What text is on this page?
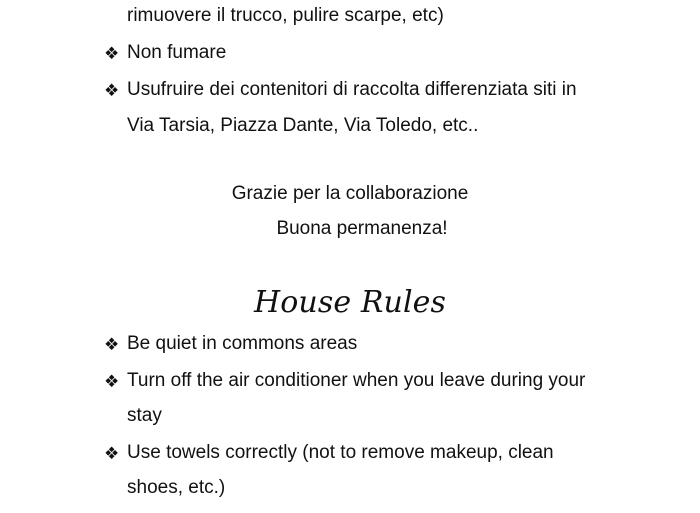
rimuovere il trucco, pulire scarpe, etc)
❖ Non fumare
❖ Usufruire dei contenitori di raccolta differenziata siti in
Via Tarsia, Piazza Dante, Via Toledo, etc..
Grazie per la collaborazione
Buona permanenza!
House Rules
❖ Be quiet in commons areas
❖ Turn off the air conditioner when you leave during your
stay
❖ Use towels correctly (not to remove makeup, clean
shoes, etc.)
